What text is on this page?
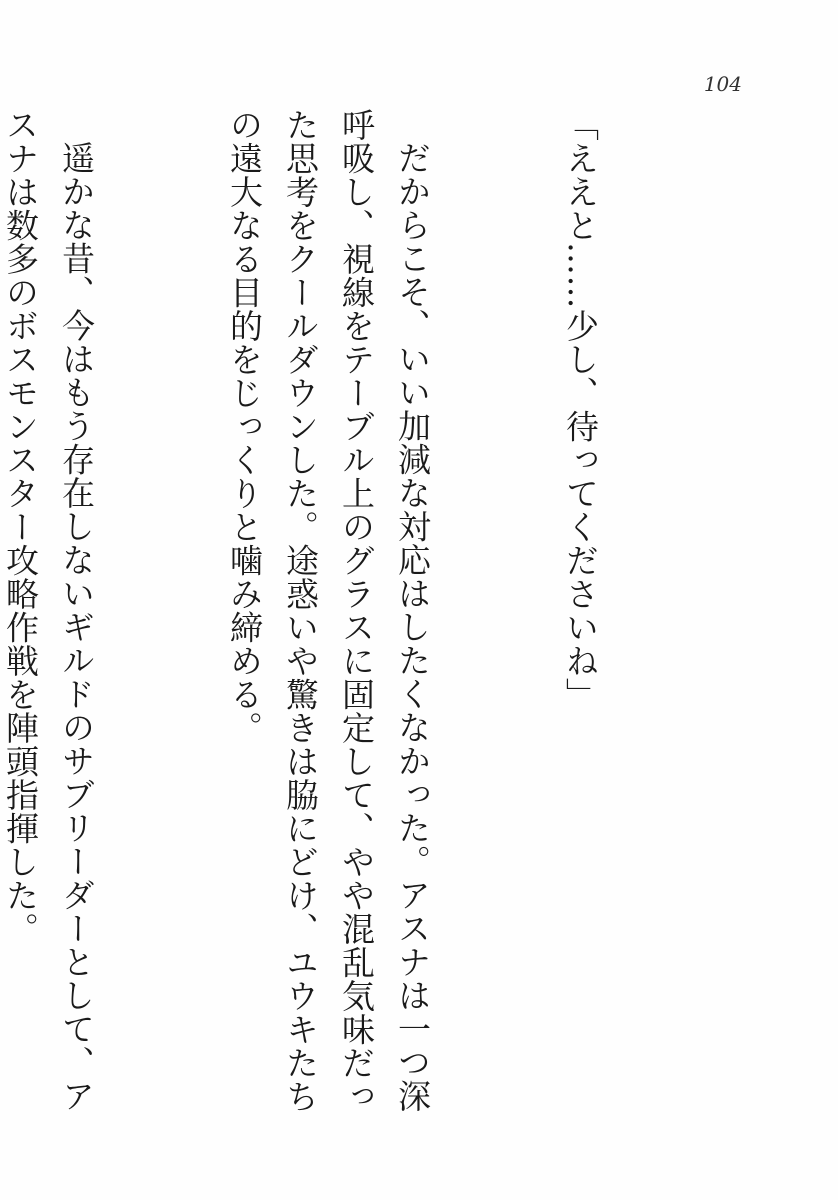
104

「ええと……少し、待ってくださいね」

だからこそ、いい加減な対応はしたくなかった。アスナは一つ深呼吸し、視線をテーブル上のグラスに固定して、やや混乱気味だった思考をクールダウンした。途惑いや驚きは脇にどけ、ユウキたちの遠大なる目的をじっくりと噛み締める。

遥かな昔、今はもう存在しないギルドのサブリーダーとして、アスナは数多のボスモンスター攻略作戦を陣頭指揮した。
